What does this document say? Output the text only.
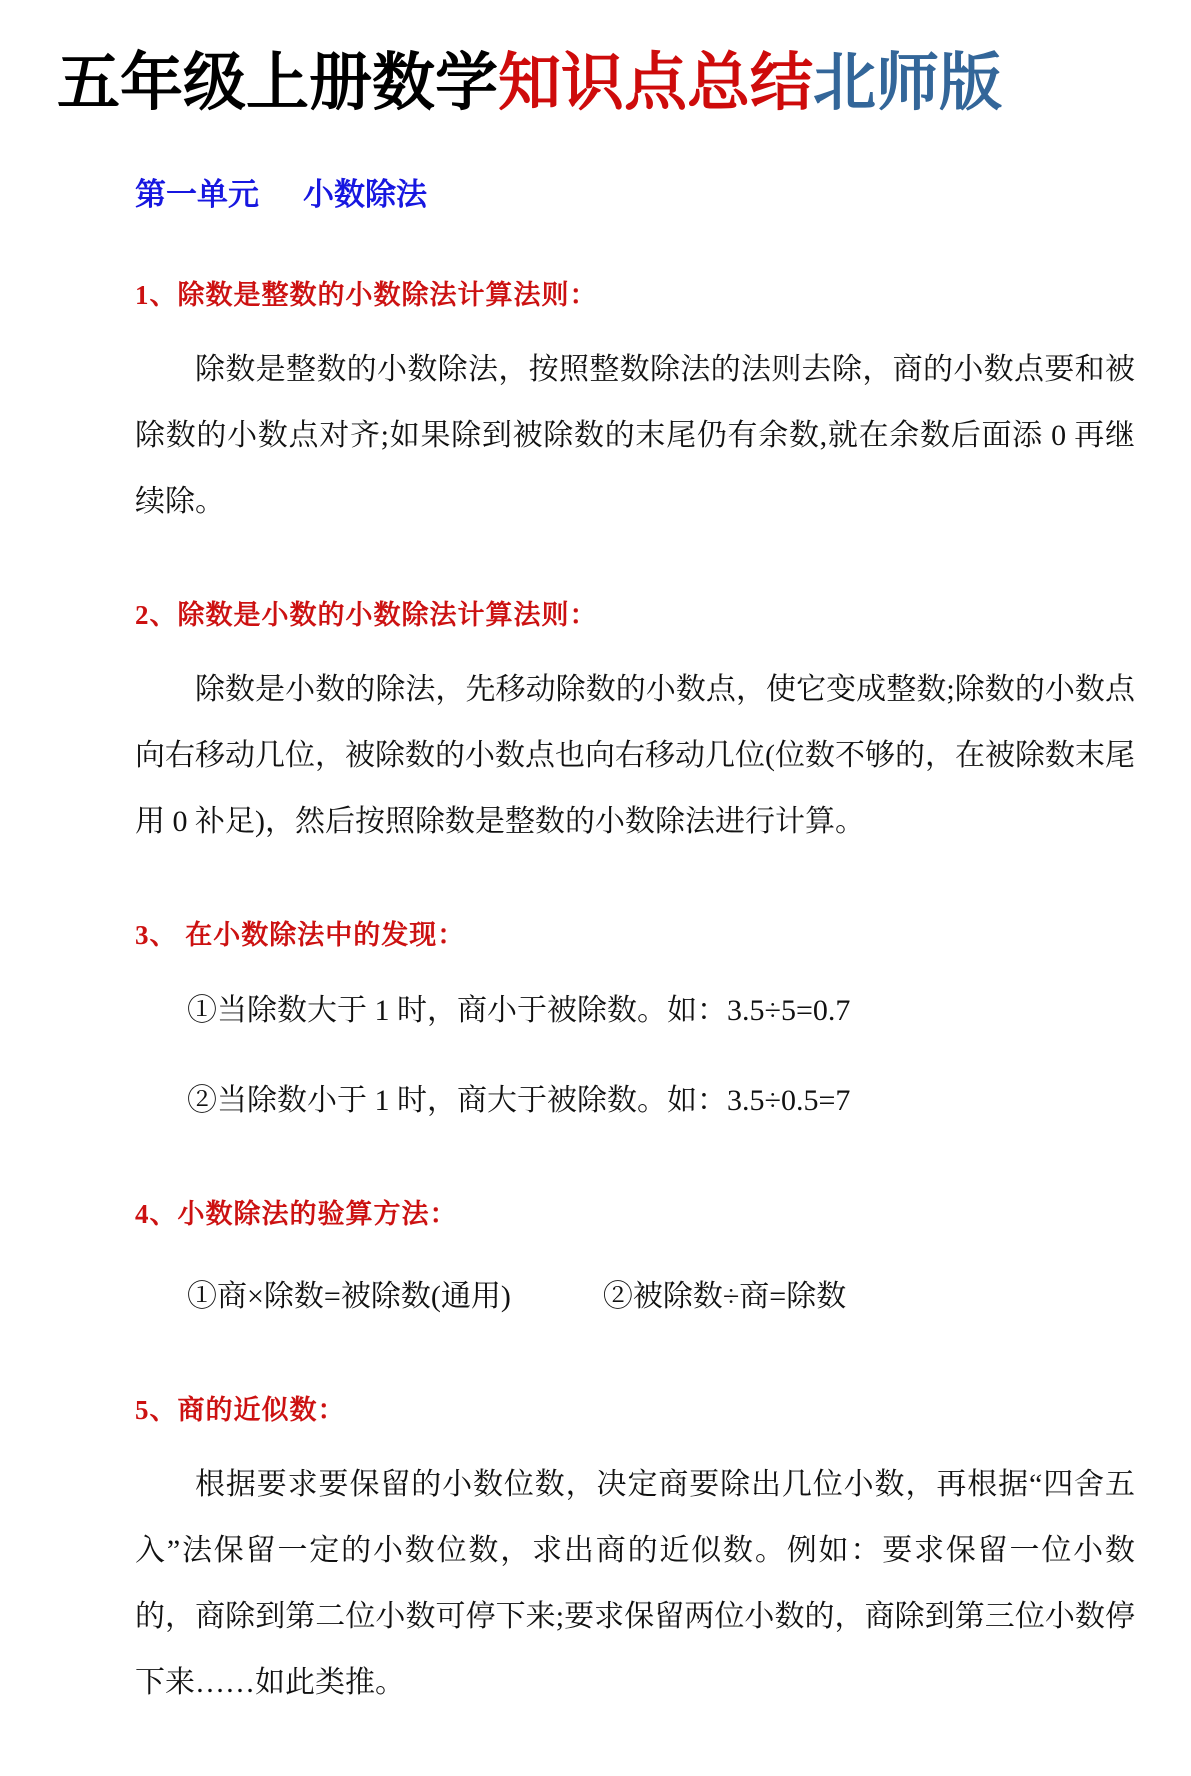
五年级上册数学知识点总结北师版
第一单元 小数除法
1、除数是整数的小数除法计算法则：

除数是整数的小数除法，按照整数除法的法则去除，商的小数点要和被除数的小数点对齐;如果除到被除数的末尾仍有余数,就在余数后面添 0 再继续除。

2、除数是小数的小数除法计算法则：

除数是小数的除法，先移动除数的小数点，使它变成整数;除数的小数点向右移动几位，被除数的小数点也向右移动几位(位数不够的，在被除数末尾用 0 补足)，然后按照除数是整数的小数除法进行计算。

3、 在小数除法中的发现：

①当除数大于 1 时，商小于被除数。如：3.5÷5=0.7

②当除数小于 1 时，商大于被除数。如：3.5÷0.5=7

4、小数除法的验算方法：

①商×除数=被除数(通用)	②被除数÷商=除数

5、商的近似数：

根据要求要保留的小数位数，决定商要除出几位小数，再根据“四舍五入”法保留一定的小数位数，求出商的近似数。例如：要求保留一位小数的，商除到第二位小数可停下来;要求保留两位小数的，商除到第三位小数停下来……如此类推。
